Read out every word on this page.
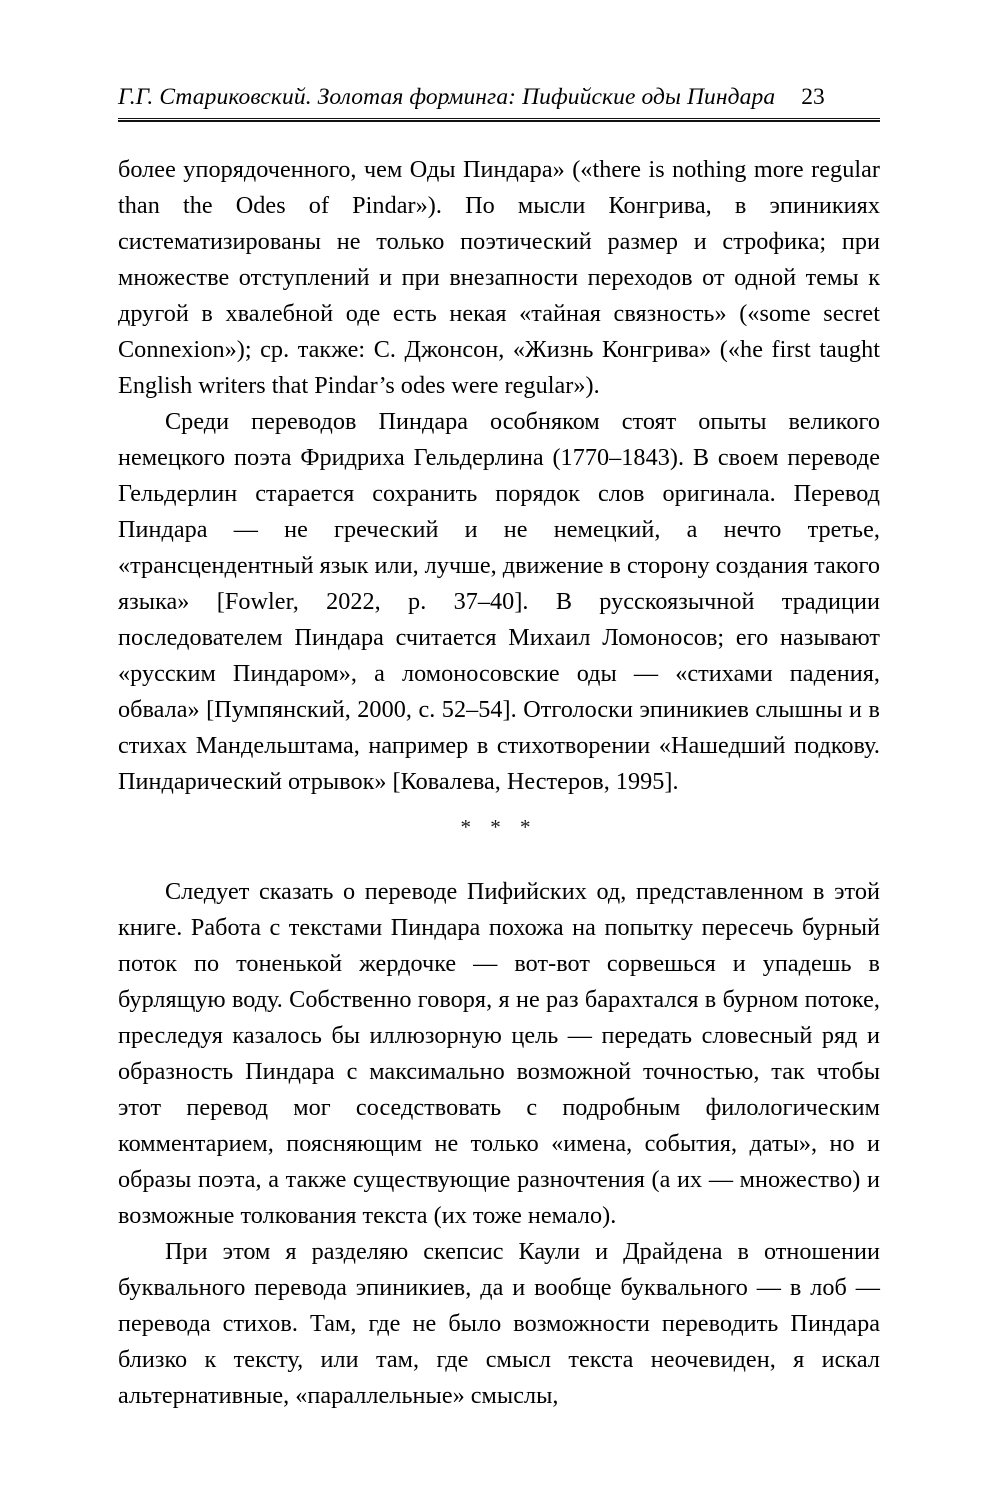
Г.Г. Стариковский. Золотая форминга: Пифийские оды Пиндара 23

более упорядоченного, чем Оды Пиндара» («there is nothing more regular than the Odes of Pindar»). По мысли Конгрива, в эпиникиях систематизированы не только поэтический размер и строфика; при множестве отступлений и при внезапности переходов от одной темы к другой в хвалебной оде есть некая «тайная связность» («some secret Connexion»); ср. также: С. Джонсон, «Жизнь Конгрива» («he first taught English writers that Pindar’s odes were regular»).

Среди переводов Пиндара особняком стоят опыты великого немецкого поэта Фридриха Гельдерлина (1770–1843). В своем переводе Гельдерлин старается сохранить порядок слов оригинала. Перевод Пиндара — не греческий и не немецкий, а нечто третье, «трансцендентный язык или, лучше, движение в сторону создания такого языка» [Fowler, 2022, p. 37–40]. В русскоязычной традиции последователем Пиндара считается Михаил Ломоносов; его называют «русским Пиндаром», а ломоносовские оды — «стихами падения, обвала» [Пумпянский, 2000, с. 52–54]. Отголоски эпиникиев слышны и в стихах Мандельштама, например в стихотворении «Нашедший подкову. Пиндарический отрывок» [Ковалева, Нестеров, 1995].

* * *

Следует сказать о переводе Пифийских од, представленном в этой книге. Работа с текстами Пиндара похожа на попытку пересечь бурный поток по тоненькой жердочке — вот-вот сорвешься и упадешь в бурлящую воду. Собственно говоря, я не раз барахтался в бурном потоке, преследуя казалось бы иллюзорную цель — передать словесный ряд и образность Пиндара с максимально возможной точностью, так чтобы этот перевод мог соседствовать с подробным филологическим комментарием, поясняющим не только «имена, события, даты», но и образы поэта, а также существующие разночтения (а их — множество) и возможные толкования текста (их тоже немало).

При этом я разделяю скепсис Каули и Драйдена в отношении буквального перевода эпиникиев, да и вообще буквального — в лоб — перевода стихов. Там, где не было возможности переводить Пиндара близко к тексту, или там, где смысл текста неочевиден, я искал альтернативные, «параллельные» смыслы,
